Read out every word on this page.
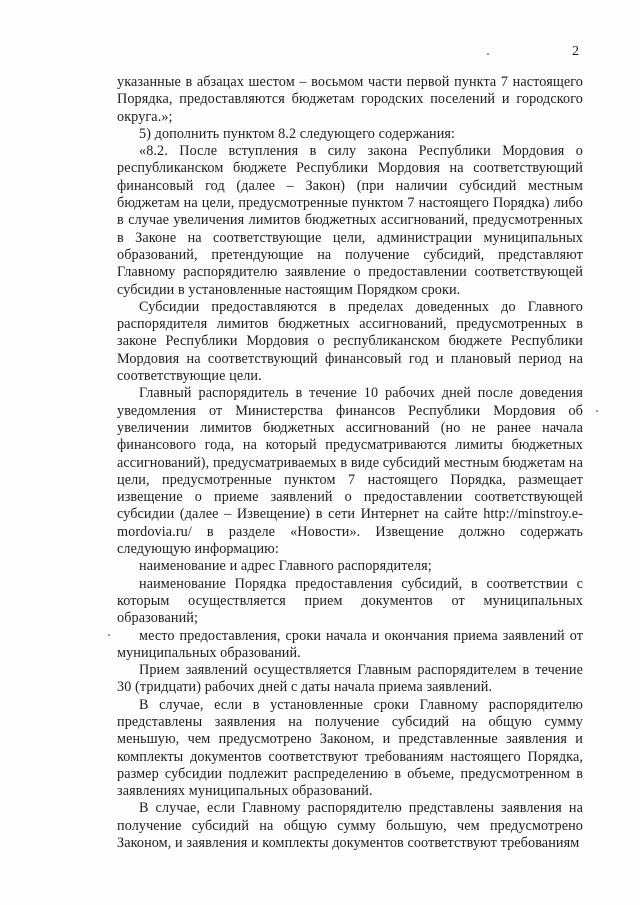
2

указанные в абзацах шестом – восьмом части первой пункта 7 настоящего Порядка, предоставляются бюджетам городских поселений и городского округа.»;

5) дополнить пунктом 8.2 следующего содержания:

«8.2. После вступления в силу закона Республики Мордовия о республиканском бюджете Республики Мордовия на соответствующий финансовый год (далее – Закон) (при наличии субсидий местным бюджетам на цели, предусмотренные пунктом 7 настоящего Порядка) либо в случае увеличения лимитов бюджетных ассигнований, предусмотренных в Законе на соответствующие цели, администрации муниципальных образований, претендующие на получение субсидий, представляют Главному распорядителю заявление о предоставлении соответствующей субсидии в установленные настоящим Порядком сроки.

Субсидии предоставляются в пределах доведенных до Главного распорядителя лимитов бюджетных ассигнований, предусмотренных в законе Республики Мордовия о республиканском бюджете Республики Мордовия на соответствующий финансовый год и плановый период на соответствующие цели.

Главный распорядитель в течение 10 рабочих дней после доведения уведомления от Министерства финансов Республики Мордовия об увеличении лимитов бюджетных ассигнований (но не ранее начала финансового года, на который предусматриваются лимиты бюджетных ассигнований), предусматриваемых в виде субсидий местным бюджетам на цели, предусмотренные пунктом 7 настоящего Порядка, размещает извещение о приеме заявлений о предоставлении соответствующей субсидии (далее – Извещение) в сети Интернет на сайте http://minstroy.e-mordovia.ru/ в разделе «Новости». Извещение должно содержать следующую информацию:

наименование и адрес Главного распорядителя;

наименование Порядка предоставления субсидий, в соответствии с которым осуществляется прием документов от муниципальных образований;

место предоставления, сроки начала и окончания приема заявлений от муниципальных образований.

Прием заявлений осуществляется Главным распорядителем в течение 30 (тридцати) рабочих дней с даты начала приема заявлений.

В случае, если в установленные сроки Главному распорядителю представлены заявления на получение субсидий на общую сумму меньшую, чем предусмотрено Законом, и представленные заявления и комплекты документов соответствуют требованиям настоящего Порядка, размер субсидии подлежит распределению в объеме, предусмотренном в заявлениях муниципальных образований.

В случае, если Главному распорядителю представлены заявления на получение субсидий на общую сумму большую, чем предусмотрено Законом, и заявления и комплекты документов соответствуют требованиям
